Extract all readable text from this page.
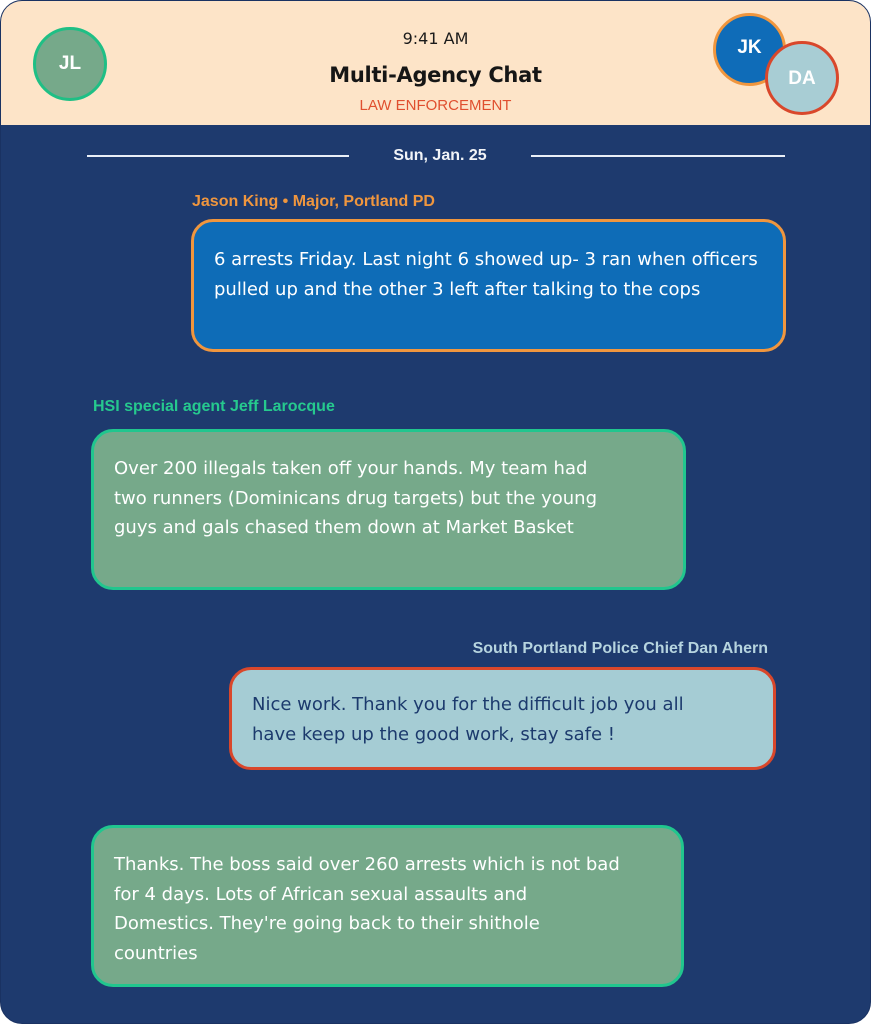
JL
9:41 AM
Multi-Agency Chat
LAW ENFORCEMENT
JK
DA
Sun, Jan. 25
Jason King • Major, Portland PD
6 arrests Friday. Last night 6 showed up- 3 ran when officers pulled up and the other 3 left after talking to the cops
HSI special agent Jeff Larocque
Over 200 illegals taken off your hands. My team had two runners (Dominicans drug targets) but the young guys and gals chased them down at Market Basket
South Portland Police Chief Dan Ahern
Nice work. Thank you for the difficult job you all have keep up the good work, stay safe !
Thanks. The boss said over 260 arrests which is not bad for 4 days. Lots of African sexual assaults and Domestics. They're going back to their shithole countries
